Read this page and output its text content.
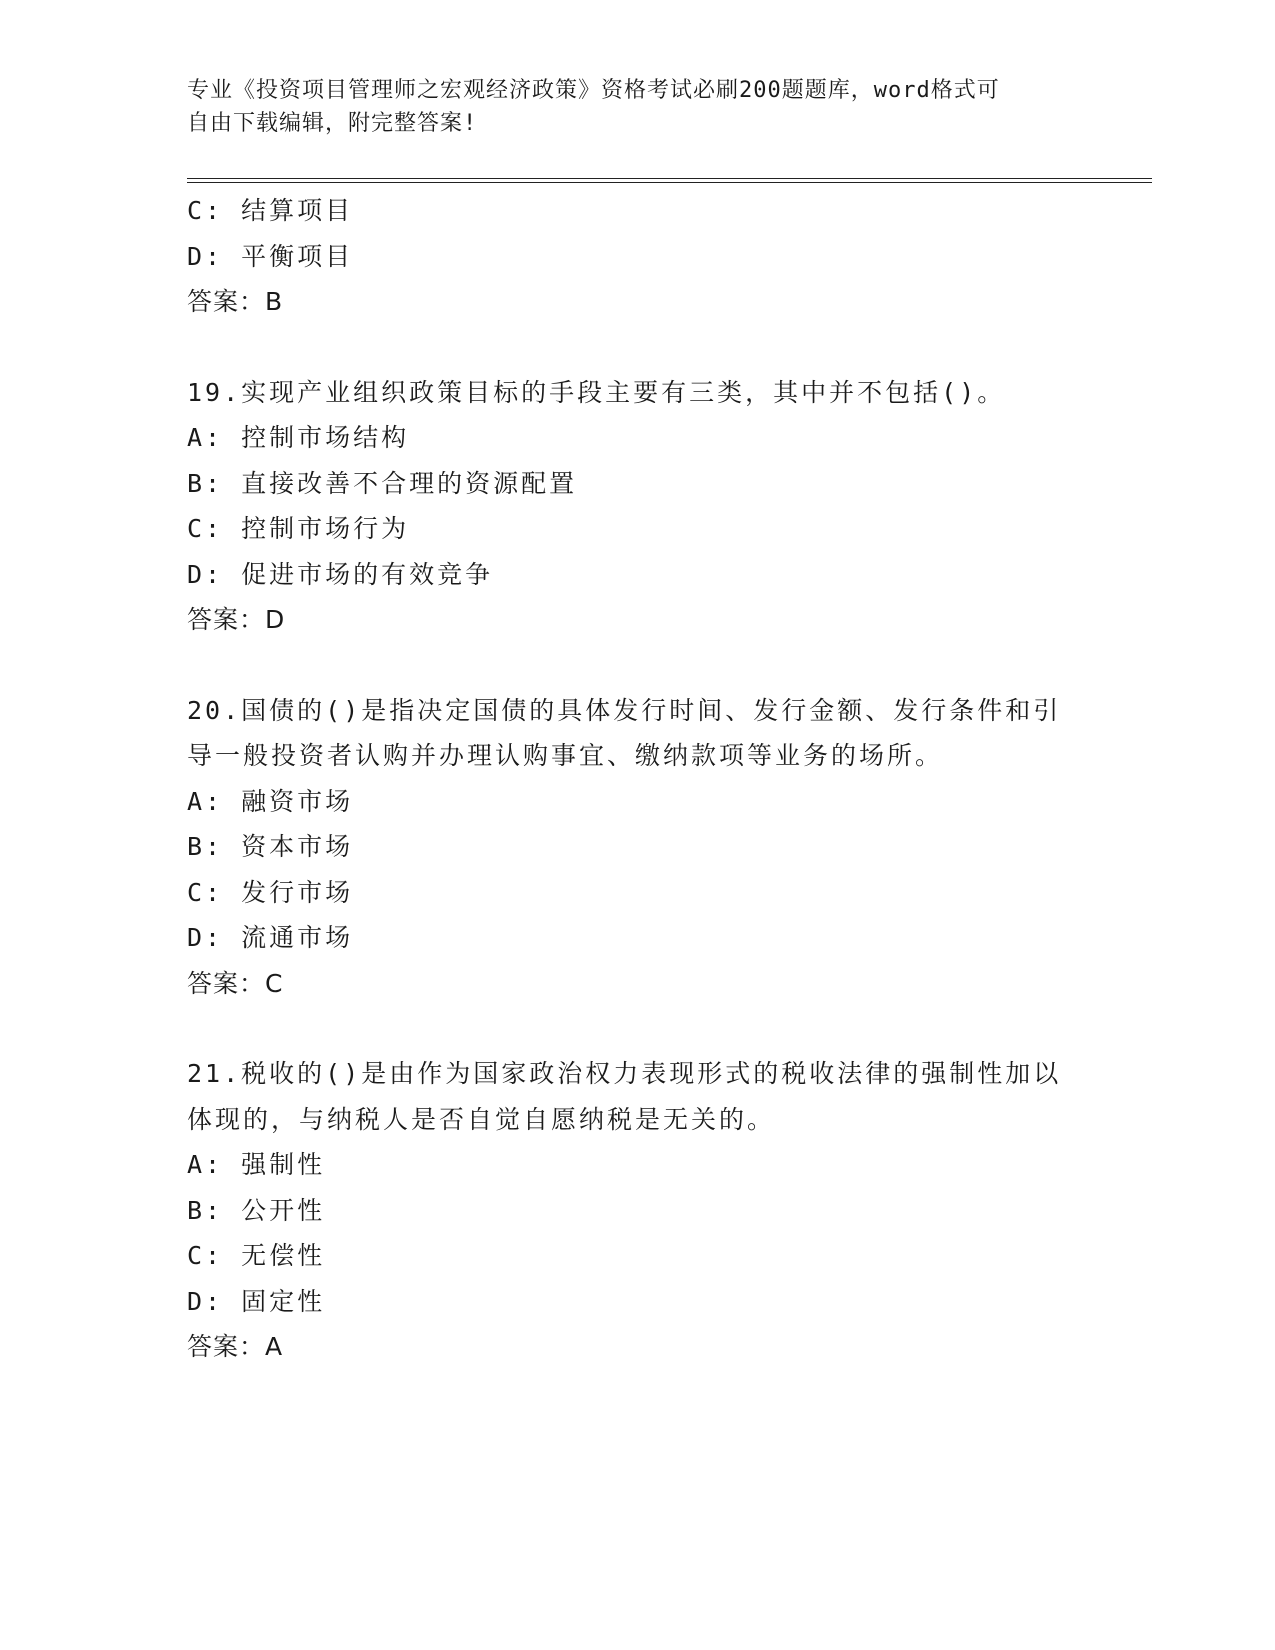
专业《投资项目管理师之宏观经济政策》资格考试必刷200题题库，word格式可
自由下载编辑，附完整答案!
C: 结算项目
D: 平衡项目
答案：B
19.实现产业组织政策目标的手段主要有三类，其中并不包括()。
A: 控制市场结构
B: 直接改善不合理的资源配置
C: 控制市场行为
D: 促进市场的有效竞争
答案：D
20.国债的()是指决定国债的具体发行时间、发行金额、发行条件和引
导一般投资者认购并办理认购事宜、缴纳款项等业务的场所。
A: 融资市场
B: 资本市场
C: 发行市场
D: 流通市场
答案：C
21.税收的()是由作为国家政治权力表现形式的税收法律的强制性加以
体现的，与纳税人是否自觉自愿纳税是无关的。
A: 强制性
B: 公开性
C: 无偿性
D: 固定性
答案：A
